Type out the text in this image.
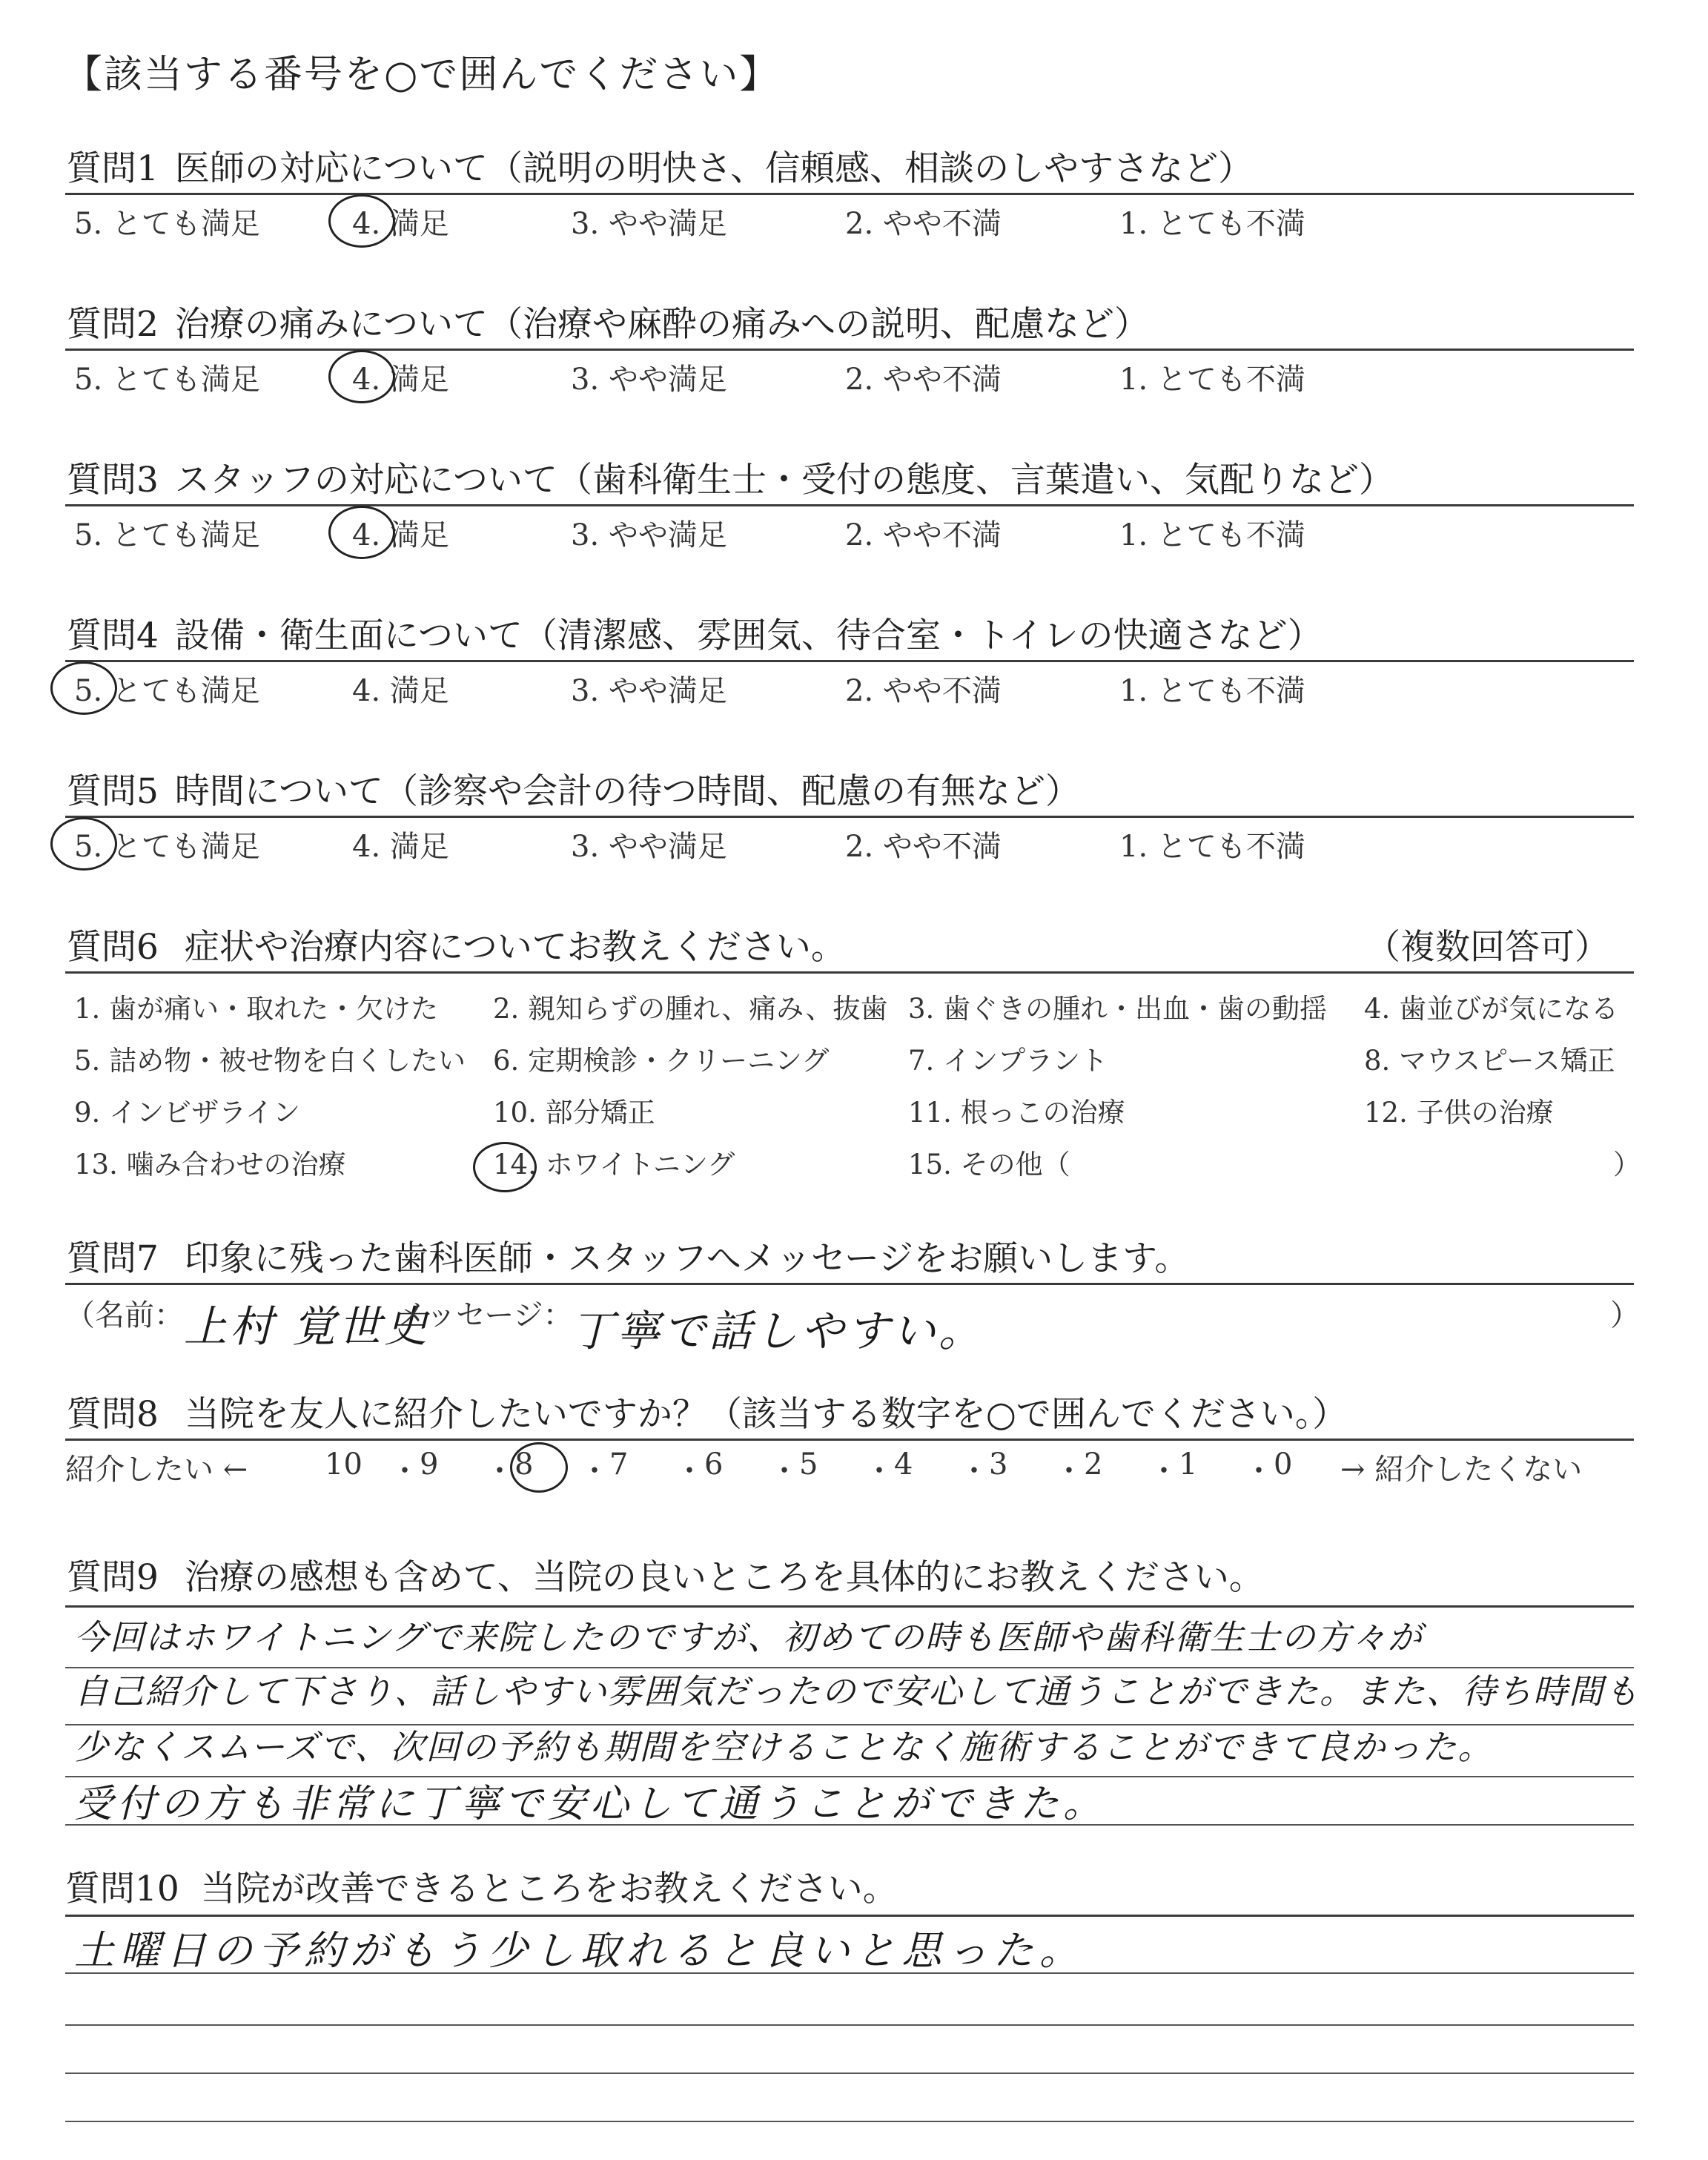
【該当する番号を○で囲んでください】
質問1 医師の対応について（説明の明快さ、信頼感、相談のしやすさなど）
5. とても満足	4. 満足	3. やや満足	2. やや不満	1. とても不満
質問2 治療の痛みについて（治療や麻酔の痛みへの説明、配慮など）
5. とても満足	4. 満足	3. やや満足	2. やや不満	1. とても不満
質問3 スタッフの対応について（歯科衛生士・受付の態度、言葉遣い、気配りなど）
5. とても満足	4. 満足	3. やや満足	2. やや不満	1. とても不満
質問4 設備・衛生面について（清潔感、雰囲気、待合室・トイレの快適さなど）
5. とても満足	4. 満足	3. やや満足	2. やや不満	1. とても不満
質問5 時間について（診察や会計の待つ時間、配慮の有無など）
5. とても満足	4. 満足	3. やや満足	2. やや不満	1. とても不満
質問6 症状や治療内容についてお教えください。	（複数回答可）
1. 歯が痛い・取れた・欠けた 2. 親知らずの腫れ、痛み、抜歯 3. 歯ぐきの腫れ・出血・歯の動揺 4. 歯並びが気になる
5. 詰め物・被せ物を白くしたい 6. 定期検診・クリーニング	7. インプラント	8. マウスピース矯正
9. インビザライン	10. 部分矯正	11. 根っこの治療	12. 子供の治療
13. 噛み合わせの治療	14. ホワイトニング	15. その他（	）
質問7 印象に残った歯科医師・スタッフへメッセージをお願いします。
（名前： 上村 覚世史
メッセージ：
丁寧で話しやすい。	）
質問8 当院を友人に紹介したいですか？（該当する数字を○で囲んでください。）
紹介したい ←	→ 紹介したくない
10 ・ 9 ・ 8 ・ 7 ・ 6 ・ 5 ・ 4 ・ 3 ・ 2 ・ 1 ・ 0
質問9 治療の感想も含めて、当院の良いところを具体的にお教えください。
今回はホワイトニングで来院したのですが、初めての時も医師や歯科衛生士の方々が
自己紹介して下さり、話しやすい雰囲気だったので安心して通うことができた。また、待ち時間も
少なくスムーズで、次回の予約も期間を空けることなく施術することができて良かった。
受付の方も非常に丁寧で安心して通うことができた。
質問10 当院が改善できるところをお教えください。
土曜日の予約がもう少し取れると良いと思った。
